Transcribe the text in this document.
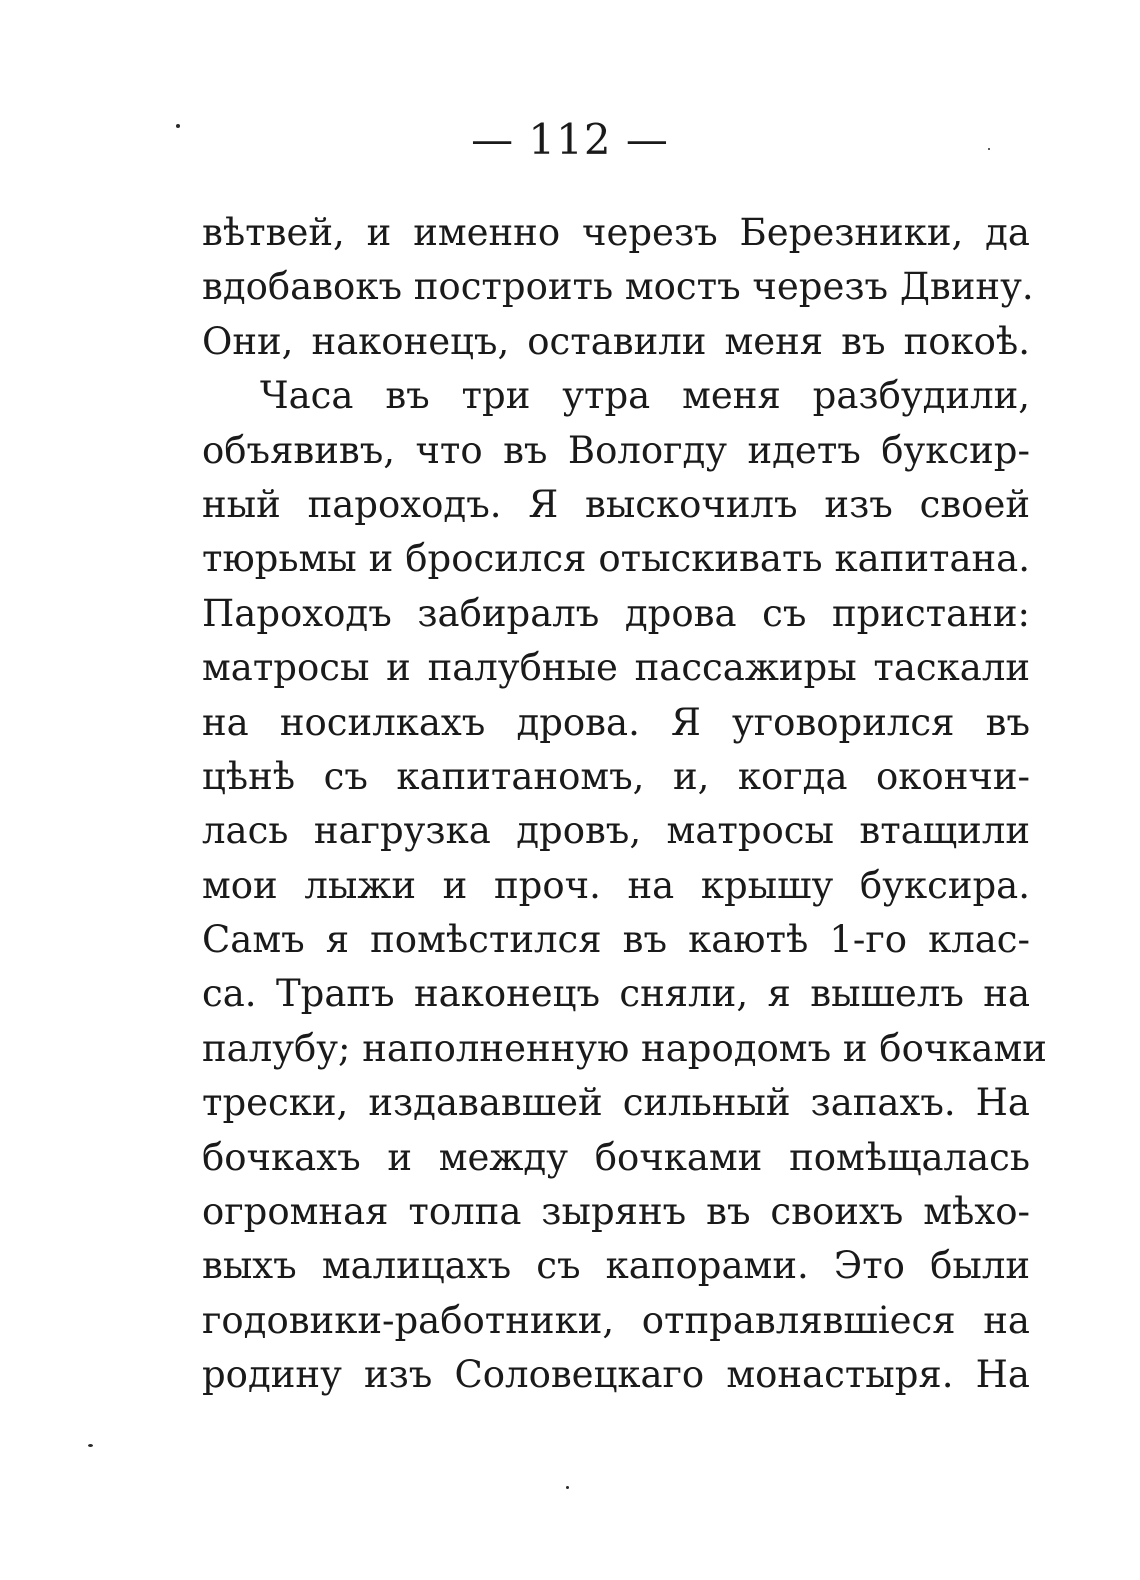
— 112 —
вѣтвей, и именно черезъ Березники, да
вдобавокъ построить мостъ черезъ Двину.
Они, наконецъ, оставили меня въ покоѣ.
Часа въ три утра меня разбудили,
объявивъ, что въ Вологду идетъ буксир-
ный пароходъ. Я выскочилъ изъ своей
тюрьмы и бросился отыскивать капитана.
Пароходъ забиралъ дрова съ пристани:
матросы и палубные пассажиры таскали
на носилкахъ дрова. Я уговорился въ
цѣнѣ съ капитаномъ, и, когда окончи-
лась нагрузка дровъ, матросы втащили
мои лыжи и проч. на крышу буксира.
Самъ я помѣстился въ каютѣ 1-го клас-
са. Трапъ наконецъ сняли, я вышелъ на
палубу; наполненную народомъ и бочками
трески, издававшей сильный запахъ. На
бочкахъ и между бочками помѣщалась
огромная толпа зырянъ въ своихъ мѣхо-
выхъ малицахъ съ капорами. Это были
годовики-работники, отправлявшіеся на
родину изъ Соловецкаго монастыря. На
